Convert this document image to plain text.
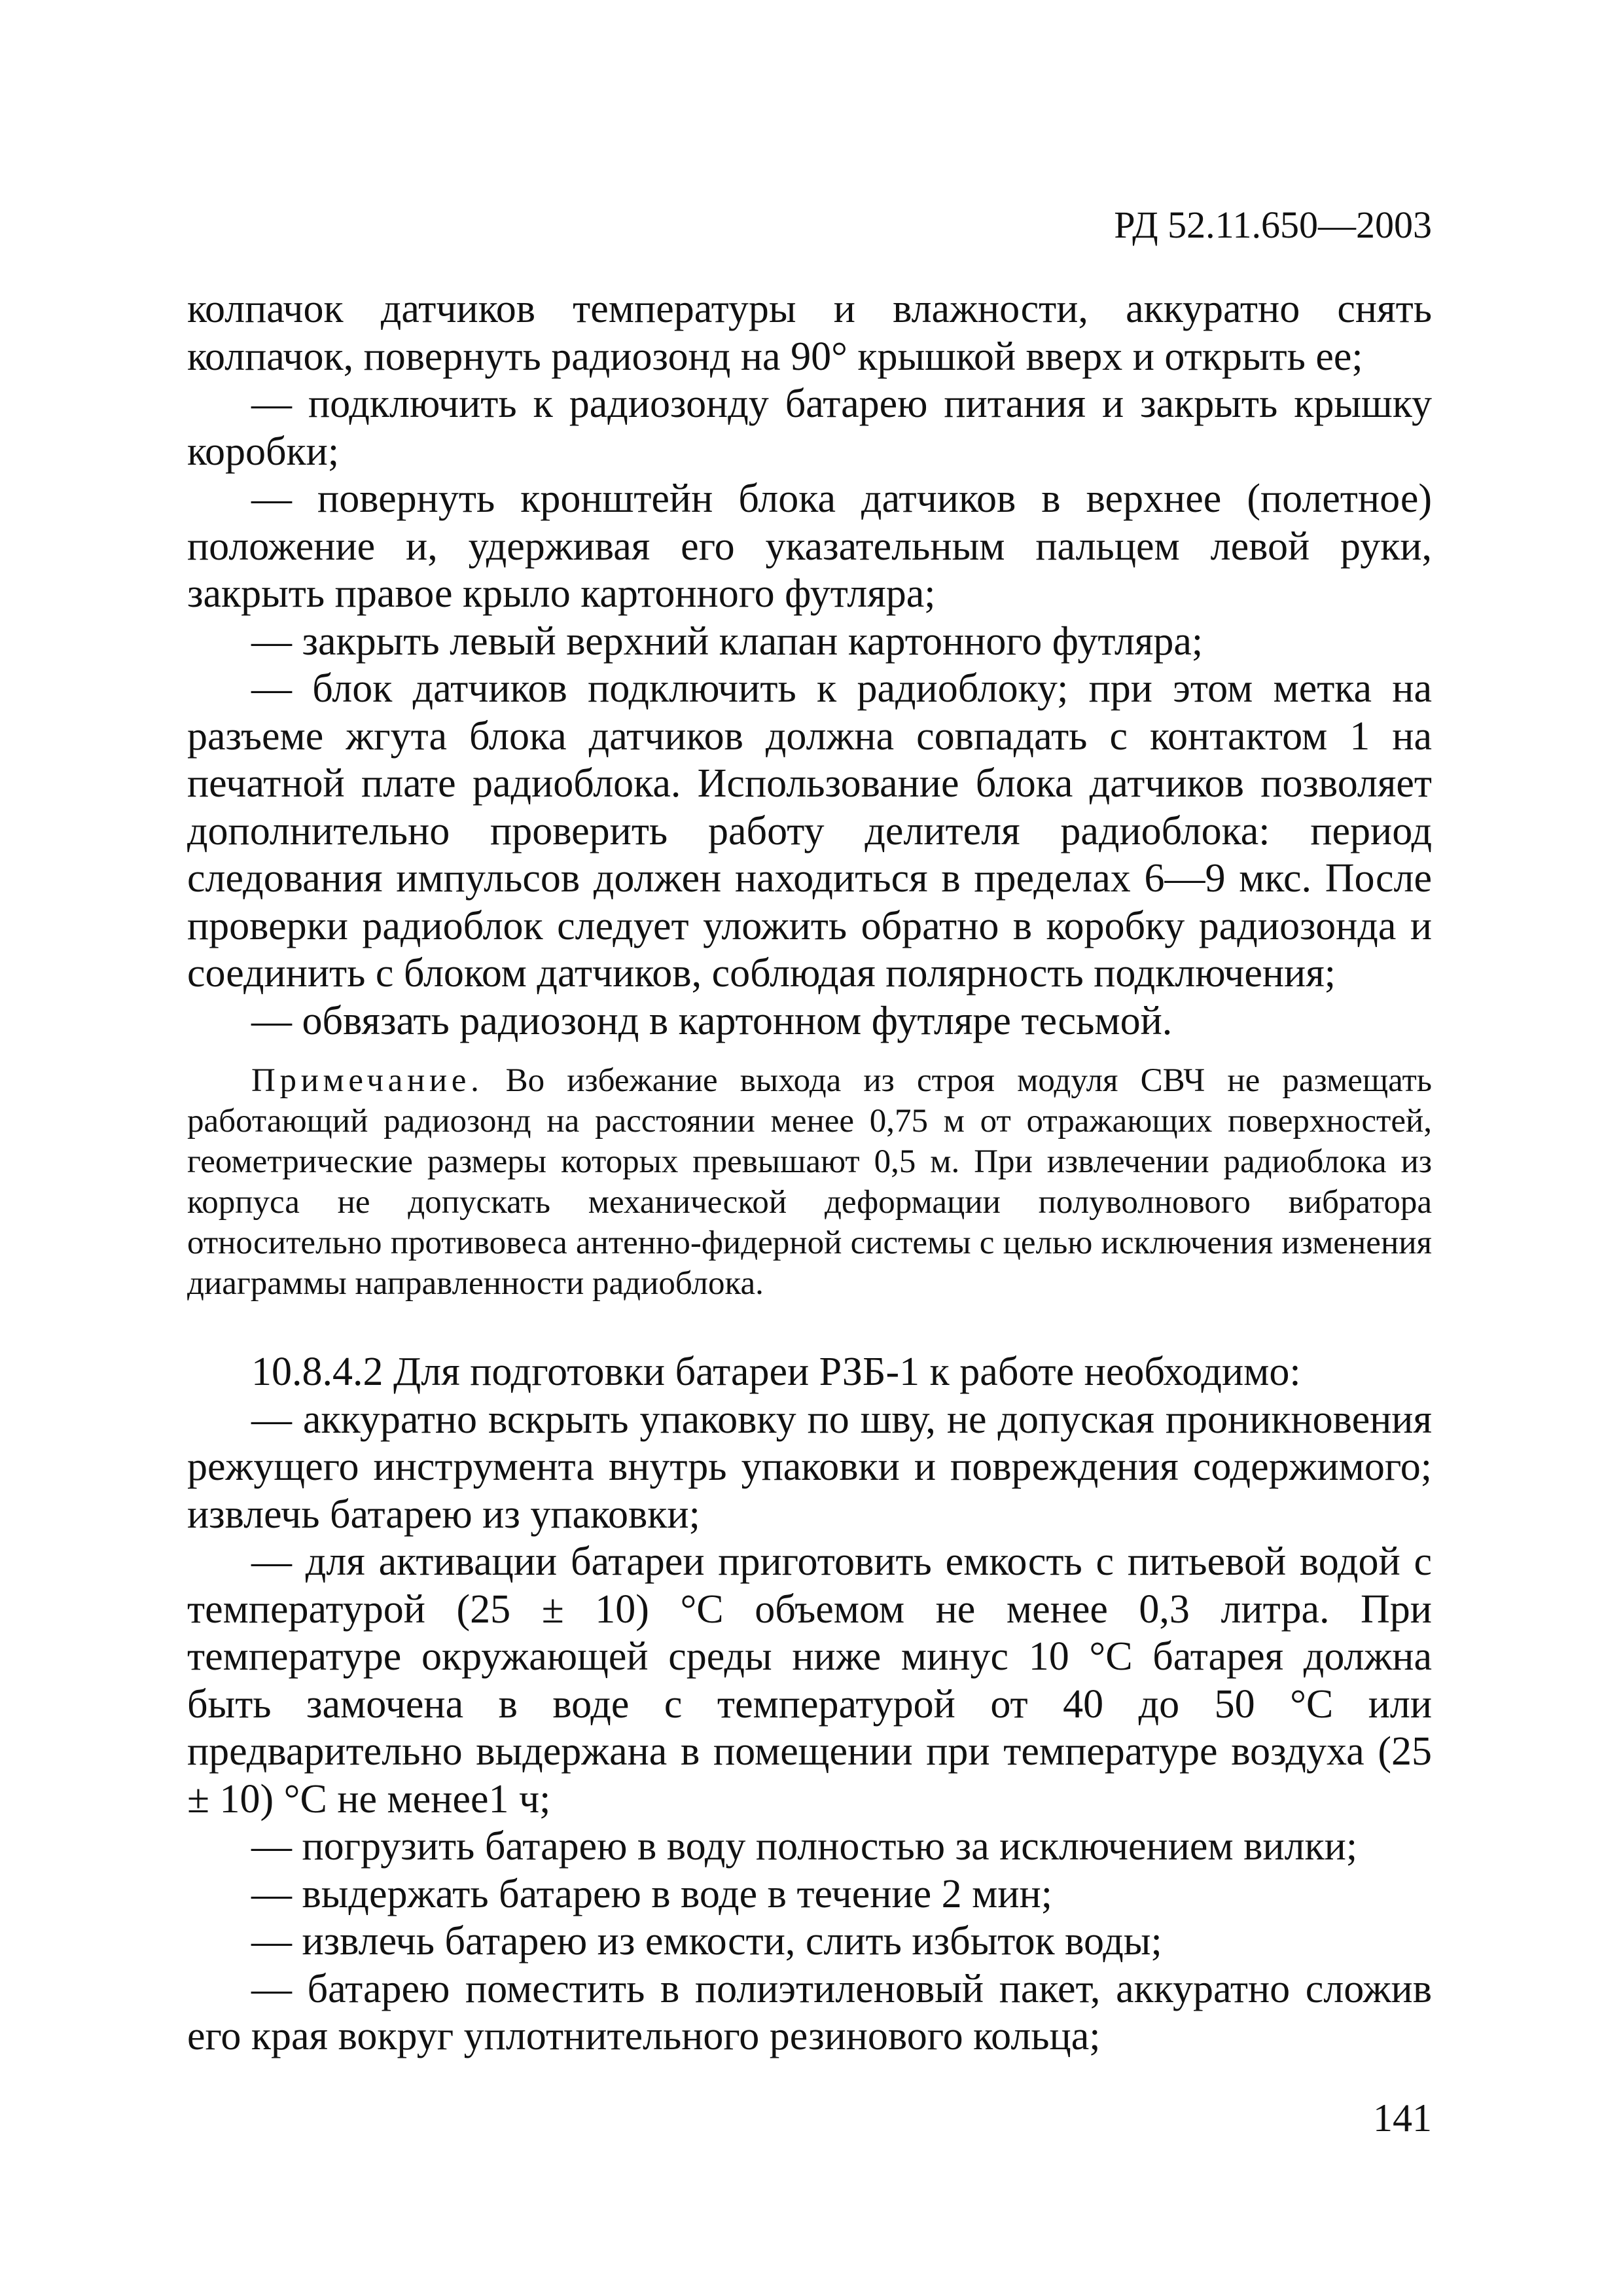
РД 52.11.650—2003

колпачок датчиков температуры и влажности, аккуратно снять колпачок, повернуть радиозонд на 90° крышкой вверх и открыть ее;

— подключить к радиозонду батарею питания и закрыть крышку коробки;

— повернуть кронштейн блока датчиков в верхнее (полетное) положение и, удерживая его указательным пальцем левой руки, закрыть правое крыло картонного футляра;

— закрыть левый верхний клапан картонного футляра;

— блок датчиков подключить к радиоблоку; при этом метка на разъеме жгута блока датчиков должна совпадать с контактом 1 на печатной плате радиоблока. Использование блока датчиков позволяет дополнительно проверить работу делителя радиоблока: период следования импульсов должен находиться в пределах 6—9 мкс. После проверки радиоблок следует уложить обратно в коробку радиозонда и соединить с блоком датчиков, соблюдая полярность подключения;

— обвязать радиозонд в картонном футляре тесьмой.

Примечание. Во избежание выхода из строя модуля СВЧ не размещать работающий радиозонд на расстоянии менее 0,75 м от отражающих поверхностей, геометрические размеры которых превышают 0,5 м. При извлечении радиоблока из корпуса не допускать механической деформации полуволнового вибратора относительно противовеса антенно-фидерной системы с целью исключения изменения диаграммы направленности радиоблока.

10.8.4.2 Для подготовки батареи РЗБ-1 к работе необходимо:

— аккуратно вскрыть упаковку по шву, не допуская проникновения режущего инструмента внутрь упаковки и повреждения содержимого; извлечь батарею из упаковки;

— для активации батареи приготовить емкость с питьевой водой с температурой (25 ± 10) °С объемом не менее 0,3 литра. При температуре окружающей среды ниже минус 10 °С батарея должна быть замочена в воде с температурой от 40 до 50 °С или предварительно выдержана в помещении при температуре воздуха (25 ± 10) °С не менее1 ч;

— погрузить батарею в воду полностью за исключением вилки;

— выдержать батарею в воде в течение 2 мин;

— извлечь батарею из емкости, слить избыток воды;

— батарею поместить в полиэтиленовый пакет, аккуратно сложив его края вокруг уплотнительного резинового кольца;

141
